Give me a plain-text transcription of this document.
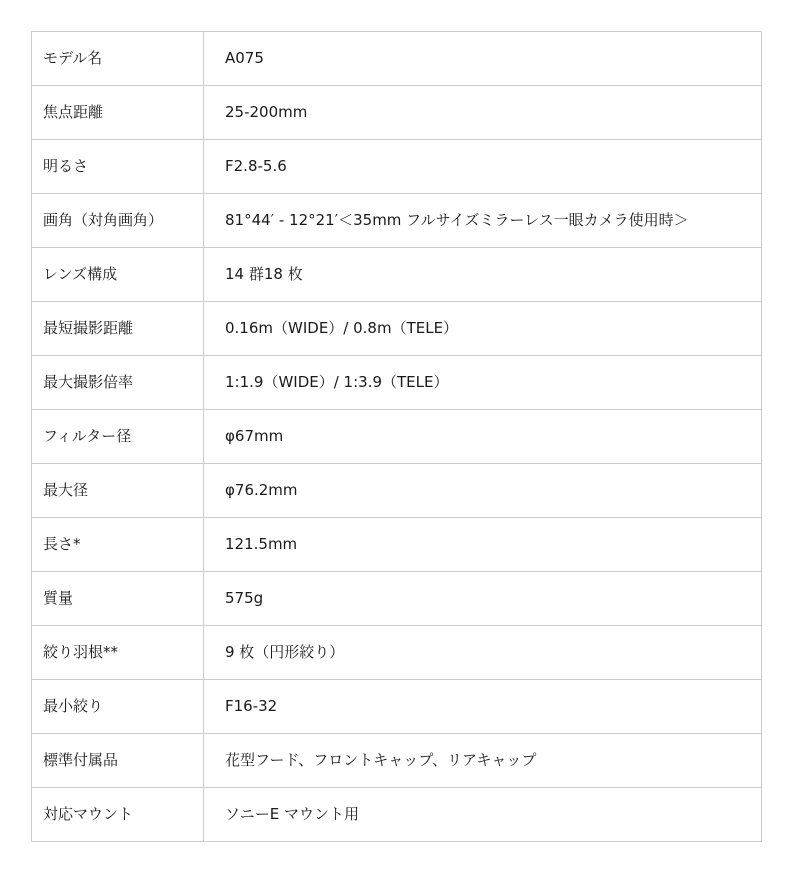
モデル名	A075
焦点距離	25-200mm
明るさ	F2.8-5.6
画角（対角画角）	81°44′ - 12°21′＜35mm フルサイズミラーレス一眼カメラ使用時＞
レンズ構成	14 群18 枚
最短撮影距離	0.16m（WIDE）/ 0.8m（TELE）
最大撮影倍率	1:1.9（WIDE）/ 1:3.9（TELE）
フィルター径	φ67mm
最大径	φ76.2mm
長さ*	121.5mm
質量	575g
絞り羽根**	9 枚（円形絞り）
最小絞り	F16-32
標準付属品	花型フード、フロントキャップ、リアキャップ
対応マウント	ソニーE マウント用
